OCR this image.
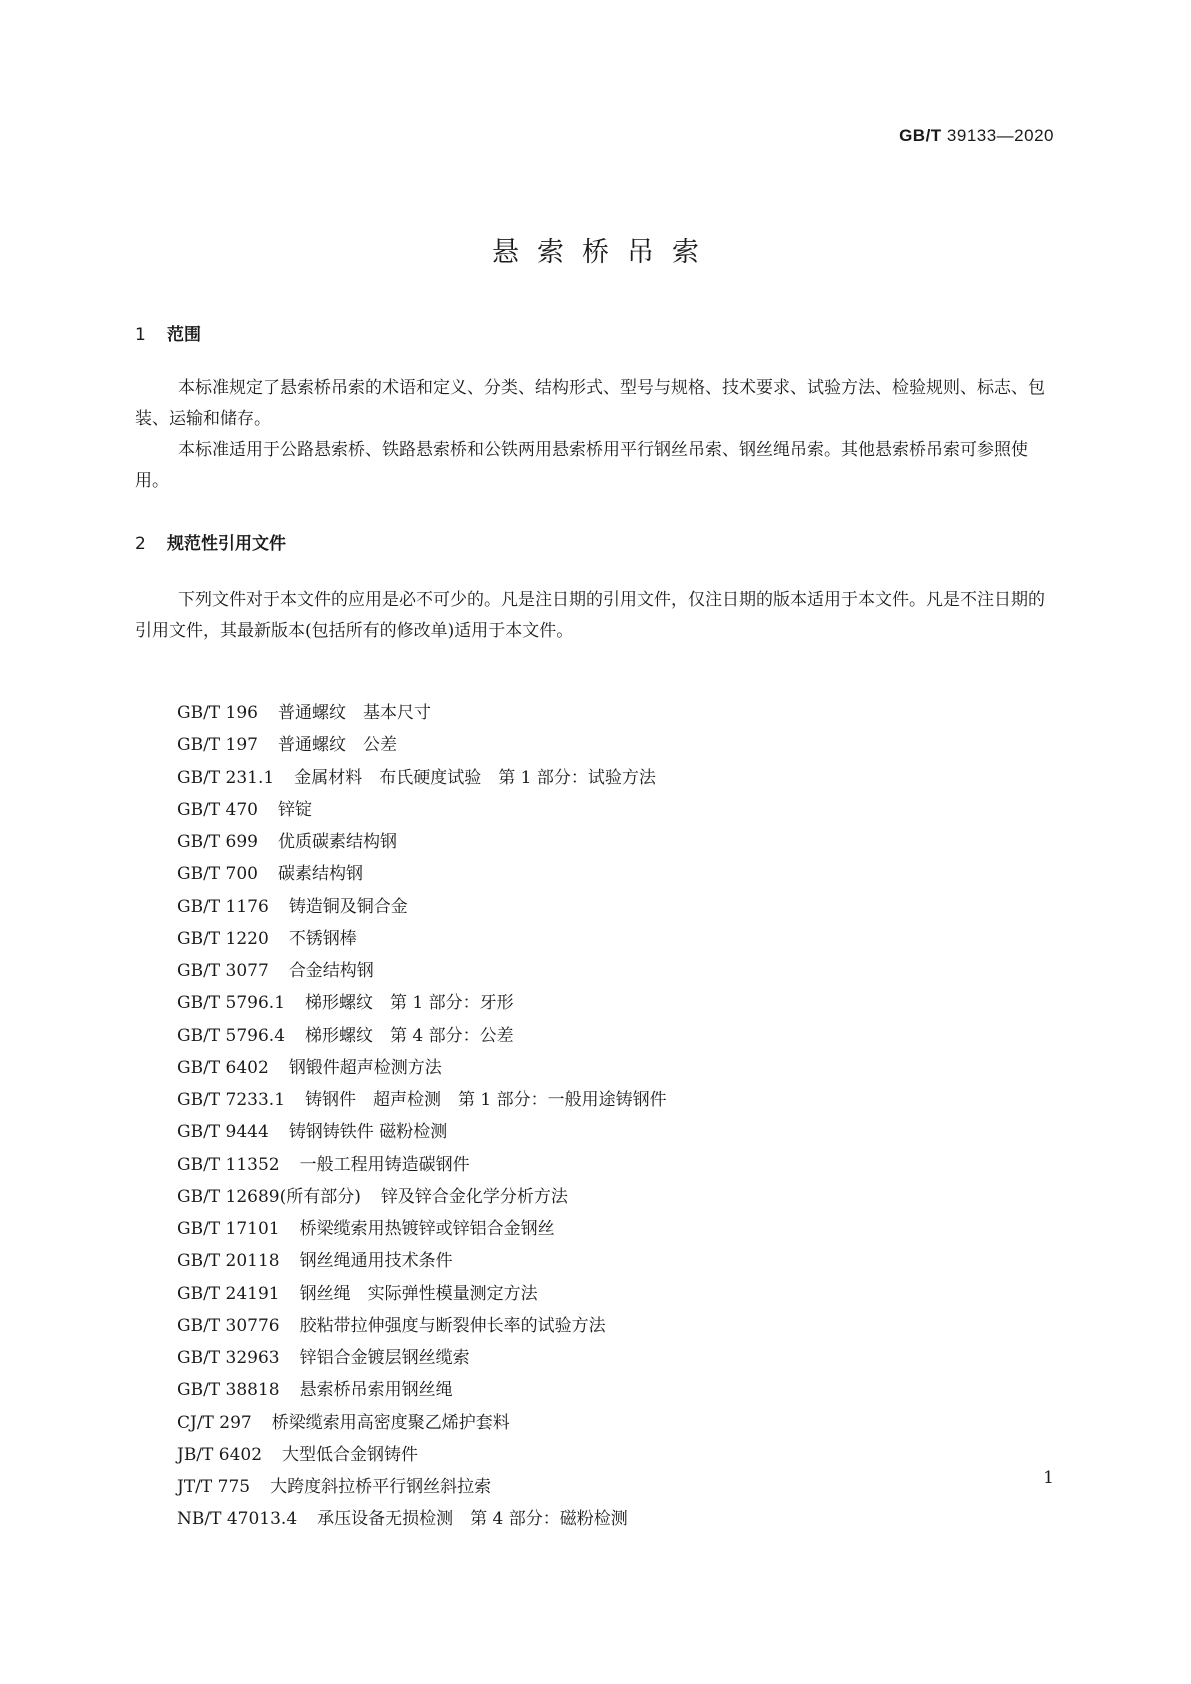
GB/T 39133—2020
悬索桥吊索
1 范围

本标准规定了悬索桥吊索的术语和定义、分类、结构形式、型号与规格、技术要求、试验方法、检验规则、标志、包装、运输和储存。

本标准适用于公路悬索桥、铁路悬索桥和公铁两用悬索桥用平行钢丝吊索、钢丝绳吊索。其他悬索桥吊索可参照使用。

2 规范性引用文件

下列文件对于本文件的应用是必不可少的。凡是注日期的引用文件，仅注日期的版本适用于本文件。凡是不注日期的引用文件，其最新版本(包括所有的修改单)适用于本文件。

GB/T 196 普通螺纹　基本尺寸
GB/T 197 普通螺纹　公差
GB/T 231.1 金属材料　布氏硬度试验　第 1 部分：试验方法
GB/T 470 锌锭
GB/T 699 优质碳素结构钢
GB/T 700 碳素结构钢
GB/T 1176 铸造铜及铜合金
GB/T 1220 不锈钢棒
GB/T 3077 合金结构钢
GB/T 5796.1 梯形螺纹　第 1 部分：牙形
GB/T 5796.4 梯形螺纹　第 4 部分：公差
GB/T 6402 钢锻件超声检测方法
GB/T 7233.1 铸钢件　超声检测　第 1 部分：一般用途铸钢件
GB/T 9444 铸钢铸铁件 磁粉检测
GB/T 11352 一般工程用铸造碳钢件
GB/T 12689(所有部分) 锌及锌合金化学分析方法
GB/T 17101 桥梁缆索用热镀锌或锌铝合金钢丝
GB/T 20118 钢丝绳通用技术条件
GB/T 24191 钢丝绳　实际弹性模量测定方法
GB/T 30776 胶粘带拉伸强度与断裂伸长率的试验方法
GB/T 32963 锌铝合金镀层钢丝缆索
GB/T 38818 悬索桥吊索用钢丝绳
CJ/T 297 桥梁缆索用高密度聚乙烯护套料
JB/T 6402 大型低合金钢铸件
JT/T 775 大跨度斜拉桥平行钢丝斜拉索
NB/T 47013.4 承压设备无损检测　第 4 部分：磁粉检测
1
